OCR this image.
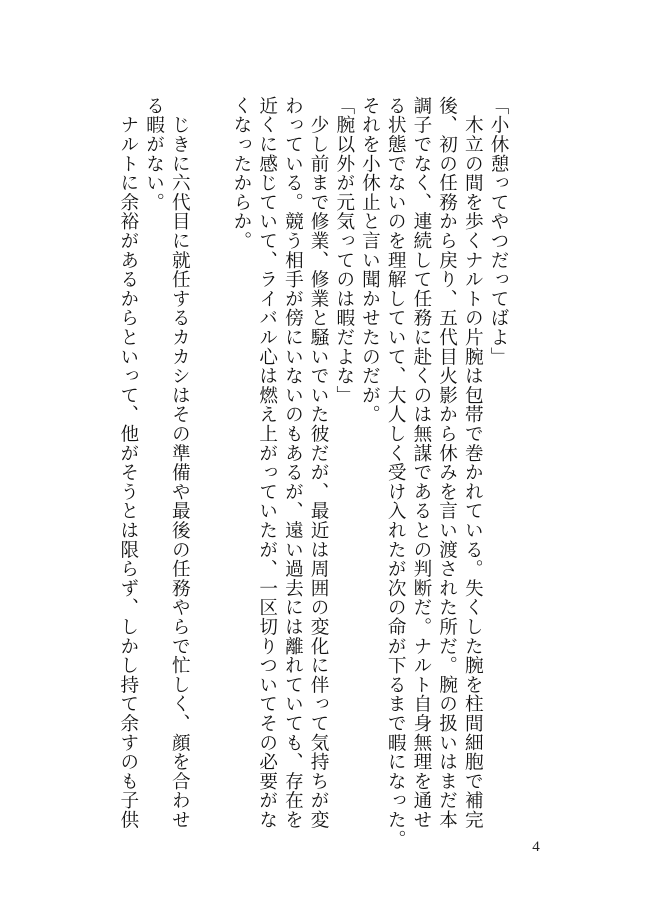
「小休憩ってやつだってばよ」
　木立の間を歩くナルトの片腕は包帯で巻かれている。失くした腕を柱間細胞で補完
後、初の任務から戻り、五代目火影から休みを言い渡された所だ。腕の扱いはまだ本
調子でなく、連続して任務に赴くのは無謀であるとの判断だ。ナルト自身無理を通せ
る状態でないのを理解していて、大人しく受け入れたが次の命が下るまで暇になった。
それを小休止と言い聞かせたのだが。
「腕以外が元気ってのは暇だよな」
　少し前まで修業、修業と騒いでいた彼だが、最近は周囲の変化に伴って気持ちが変
わっている。競う相手が傍にいないのもあるが、遠い過去には離れていても、存在を
近くに感じていて、ライバル心は燃え上がっていたが、一区切りついてその必要がな
くなったからか。
　じきに六代目に就任するカカシはその準備や最後の任務やらで忙しく、顔を合わせ
る暇がない。
　ナルトに余裕があるからといって、他がそうとは限らず、しかし持て余すのも子供
4
